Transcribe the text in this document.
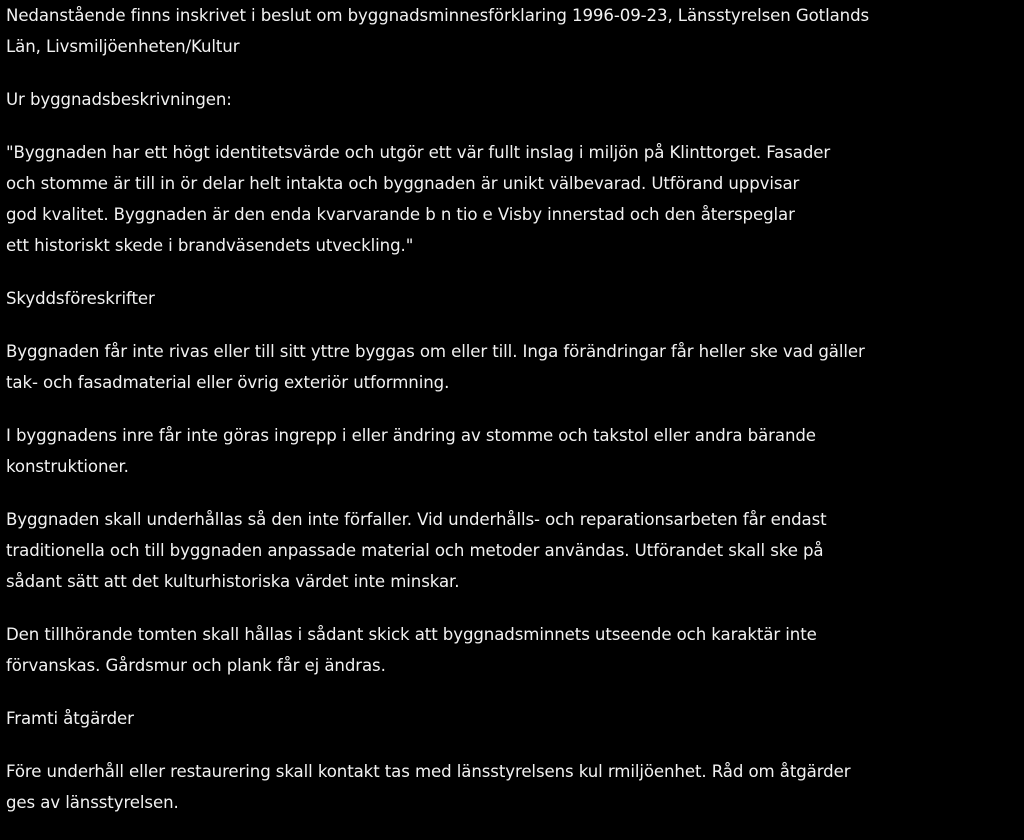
Nedanstående finns inskrivet i beslut om byggnadsminnesförklaring 1996-09-23, Länsstyrelsen Gotlands
Län, Livsmiljöenheten/Kultur
Ur byggnadsbeskrivningen:
"Byggnaden har ett högt identitetsvärde och utgör ett vär fullt inslag i miljön på Klinttorget. Fasader
och stomme är till in ör delar helt intakta och byggnaden är unikt välbevarad. Utförand uppvisar
god kvalitet. Byggnaden är den enda kvarvarande b n tio e Visby innerstad och den återspeglar
ett historiskt skede i brandväsendets utveckling."
Skyddsföreskrifter
Byggnaden får inte rivas eller till sitt yttre byggas om eller till. Inga förändringar får heller ske vad gäller
tak- och fasadmaterial eller övrig exteriör utformning.
I byggnadens inre får inte göras ingrepp i eller ändring av stomme och takstol eller andra bärande
konstruktioner.
Byggnaden skall underhållas så den inte förfaller. Vid underhålls- och reparationsarbeten får endast
traditionella och till byggnaden anpassade material och metoder användas. Utförandet skall ske på
sådant sätt att det kulturhistoriska värdet inte minskar.
Den tillhörande tomten skall hållas i sådant skick att byggnadsminnets utseende och karaktär inte
förvanskas. Gårdsmur och plank får ej ändras.
Framti åtgärder
Före underhåll eller restaurering skall kontakt tas med länsstyrelsens kul rmiljöenhet. Råd om åtgärder
ges av länsstyrelsen.
